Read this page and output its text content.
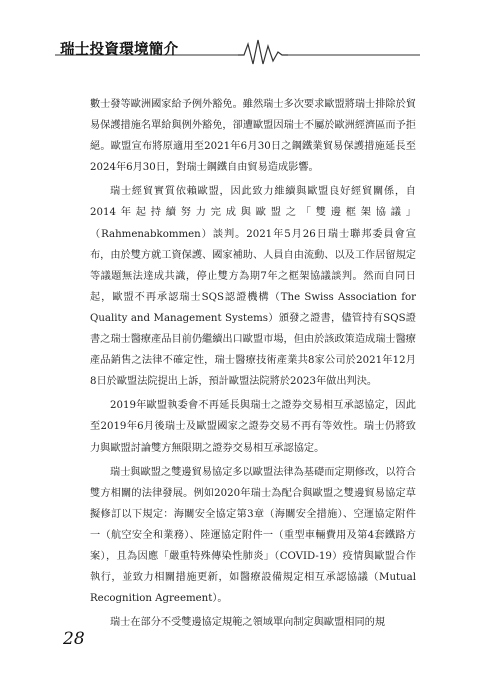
瑞士投資環境簡介

數士發等歐洲國家給予例外豁免。雖然瑞士多次要求歐盟將瑞士排除於貿易保護措施名單給與例外豁免，卻遭歐盟因瑞士不屬於歐洲經濟區而予拒絕。歐盟宣布將原適用至2021年6月30日之鋼鐵業貿易保護措施延長至2024年6月30日，對瑞士鋼鐵自由貿易造成影響。

瑞士經貿實質依賴歐盟，因此致力維續與歐盟良好經貿關係，自2014年起持續努力完成與歐盟之「雙邊框架協議」（Rahmenabkommen）談判。2021年5月26日瑞士聯邦委員會宣布，由於雙方就工資保護、國家補助、人員自由流動、以及工作居留規定等議題無法達成共識，停止雙方為期7年之框架協議談判。然而自同日起，歐盟不再承認瑞士SQS認證機構（The Swiss Association for Quality and Management Systems）頒發之證書，儘管持有SQS證書之瑞士醫療產品目前仍繼續出口歐盟市場，但由於該政策造成瑞士醫療產品銷售之法律不確定性，瑞士醫療技術產業共8家公司於2021年12月8日於歐盟法院提出上訴，預計歐盟法院將於2023年做出判決。

2019年歐盟執委會不再延長與瑞士之證券交易相互承認協定，因此至2019年6月後瑞士及歐盟國家之證券交易不再有等效性。瑞士仍將致力與歐盟討論雙方無限期之證券交易相互承認協定。

瑞士與歐盟之雙邊貿易協定多以歐盟法律為基礎而定期修改，以符合雙方相關的法律發展。例如2020年瑞士為配合與歐盟之雙邊貿易協定草擬修訂以下規定：海關安全協定第3章（海關安全措施）、空運協定附件一（航空安全和業務）、陸運協定附件一（重型車輛費用及第4套鐵路方案），且為因應「嚴重特殊傳染性肺炎」（COVID-19）疫情與歐盟合作執行，並致力相關措施更新，如醫療設備規定相互承認協議（Mutual Recognition Agreement）。

瑞士在部分不受雙邊協定規範之領域單向制定與歐盟相同的規

28
